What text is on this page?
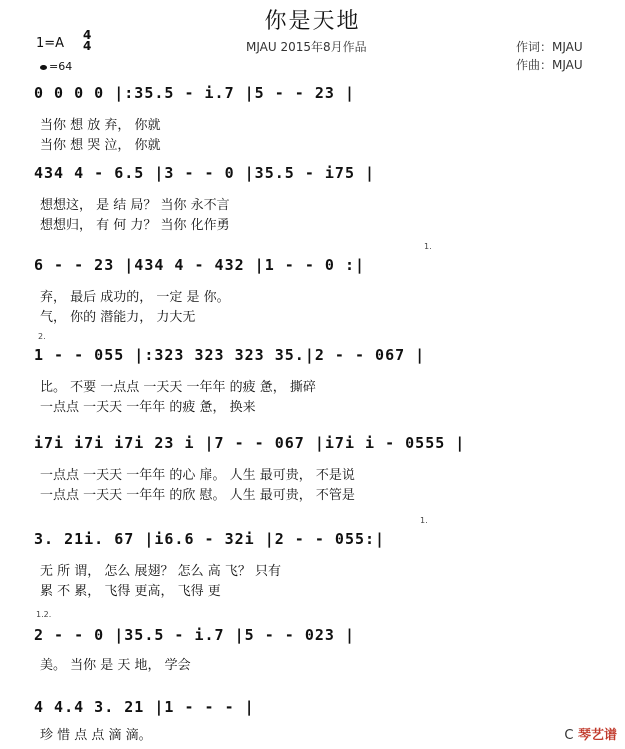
你是天地
MJAU 2015年8月作品	作词：MJAU
作曲：MJAU
1=A
4
4
=64
0 0 0 0 |:35.5 - i.7 |5 - - 23 |
当你 想 放 弃， 你就
当你 想 哭 泣， 你就
434 4 - 6.5 |3 - - 0 |35.5 - i75 |
想想这， 是 结 局？ 当你 永不言
想想归， 有 何 力？ 当你 化作勇
1.
6 - - 23 |434 4 - 432 |1 - - 0 :|
弃， 最后 成功的， 一定 是 你。
气， 你的 潜能力， 力大无
2.
1 - - 055 |:323 323 323 35.|2 - - 067 |
比。 不要 一点点 一天天 一年年 的疲 惫， 撕碎
一点点 一天天 一年年 的疲 惫， 换来
i7i i7i i7i 23 i |7 - - 067 |i7i i - 0555 |
一点点 一天天 一年年 的心 扉。 人生 最可贵， 不是说
一点点 一天天 一年年 的欣 慰。 人生 最可贵， 不管是
1.
3. 21i. 67 |i6.6 - 32i |2 - - 055:|
无 所 谓， 怎么 展翅？ 怎么 高 飞？ 只有
累 不 累， 飞得 更高， 飞得 更
1.2.
2 - - 0 |35.5 - i.7 |5 - - 023 |
美。 当你 是 天 地， 学会
4 4.4 3. 21 |1 - - - |
珍 惜 点 点 滴 滴。	C 琴艺谱
